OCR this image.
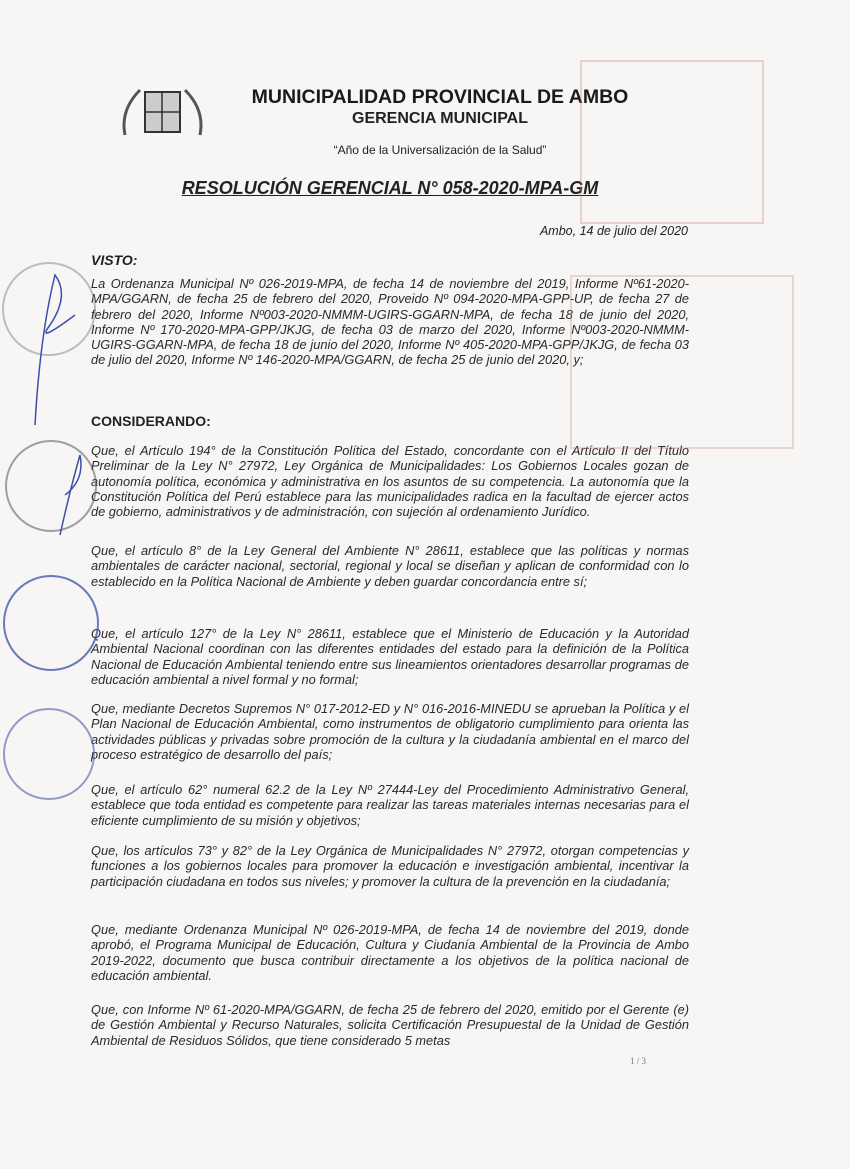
MUNICIPALIDAD PROVINCIAL DE AMBO
GERENCIA MUNICIPAL
“Año de la Universalización de la Salud”
RESOLUCIÓN GERENCIAL N° 058-2020-MPA-GM
Ambo, 14 de julio del 2020
VISTO:
La Ordenanza Municipal Nº 026-2019-MPA, de fecha 14 de noviembre del 2019, Informe Nº61-2020-MPA/GGARN, de fecha 25 de febrero del 2020, Proveido Nº 094-2020-MPA-GPP-UP, de fecha 27 de febrero del 2020, Informe Nº003-2020-NMMM-UGIRS-GGARN-MPA, de fecha 18 de junio del 2020, Informe Nº 170-2020-MPA-GPP/JKJG, de fecha 03 de marzo del 2020, Informe Nº003-2020-NMMM-UGIRS-GGARN-MPA, de fecha 18 de junio del 2020, Informe Nº 405-2020-MPA-GPP/JKJG, de fecha 03 de julio del 2020, Informe Nº 146-2020-MPA/GGARN, de fecha 25 de junio del 2020, y;
CONSIDERANDO:
Que, el Artículo 194° de la Constitución Política del Estado, concordante con el Artículo II del Título Preliminar de la Ley N° 27972, Ley Orgánica de Municipalidades: Los Gobiernos Locales gozan de autonomía política, económica y administrativa en los asuntos de su competencia. La autonomía que la Constitución Política del Perú establece para las municipalidades radica en la facultad de ejercer actos de gobierno, administrativos y de administración, con sujeción al ordenamiento Jurídico.
Que, el artículo 8° de la Ley General del Ambiente N° 28611, establece que las políticas y normas ambientales de carácter nacional, sectorial, regional y local se diseñan y aplican de conformidad con lo establecido en la Política Nacional de Ambiente y deben guardar concordancia entre sí;
Que, el artículo 127° de la Ley N° 28611, establece que el Ministerio de Educación y la Autoridad Ambiental Nacional coordinan con las diferentes entidades del estado para la definición de la Política Nacional de Educación Ambiental teniendo entre sus lineamientos orientadores desarrollar programas de educación ambiental a nivel formal y no formal;
Que, mediante Decretos Supremos N° 017-2012-ED y N° 016-2016-MINEDU se aprueban la Política y el Plan Nacional de Educación Ambiental, como instrumentos de obligatorio cumplimiento para orienta las actividades públicas y privadas sobre promoción de la cultura y la ciudadanía ambiental en el marco del proceso estratégico de desarrollo del país;
Que, el artículo 62° numeral 62.2 de la Ley Nº 27444-Ley del Procedimiento Administrativo General, establece que toda entidad es competente para realizar las tareas materiales internas necesarias para el eficiente cumplimiento de su misión y objetivos;
Que, los artículos 73° y 82° de la Ley Orgánica de Municipalidades N° 27972, otorgan competencias y funciones a los gobiernos locales para promover la educación e investigación ambiental, incentivar la participación ciudadana en todos sus niveles; y promover la cultura de la prevención en la ciudadanía;
Que, mediante Ordenanza Municipal Nº 026-2019-MPA, de fecha 14 de noviembre del 2019, donde aprobó, el Programa Municipal de Educación, Cultura y Ciudanía Ambiental de la Provincia de Ambo 2019-2022, documento que busca contribuir directamente a los objetivos de la política nacional de educación ambiental.
Que, con Informe Nº 61-2020-MPA/GGARN, de fecha 25 de febrero del 2020, emitido por el Gerente (e) de Gestión Ambiental y Recurso Naturales, solicita Certificación Presupuestal de la Unidad de Gestión Ambiental de Residuos Sólidos, que tiene considerado 5 metas
1 / 3
